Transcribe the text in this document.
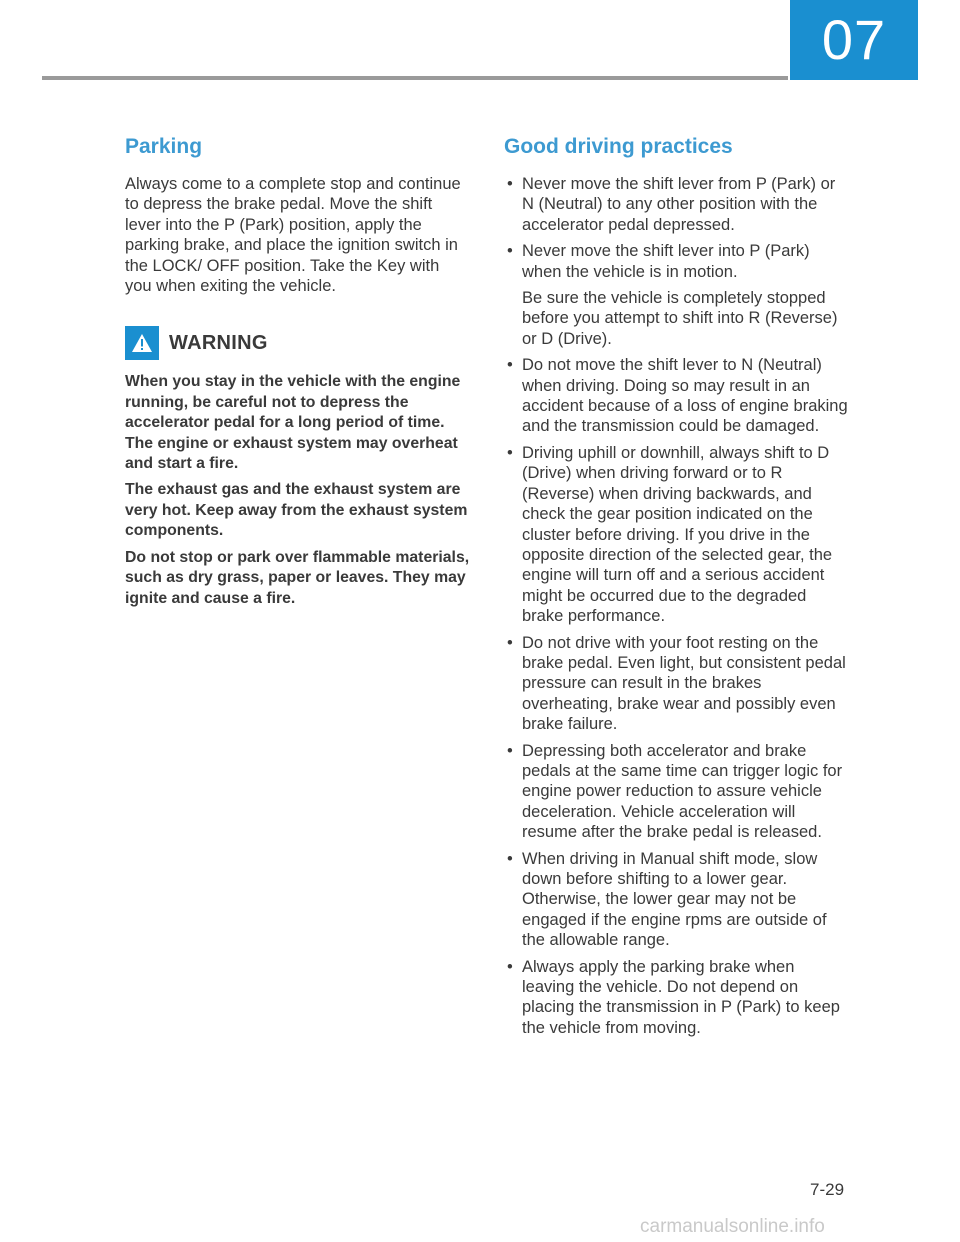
07
Parking

Always come to a complete stop and continue to depress the brake pedal. Move the shift lever into the P (Park) position, apply the parking brake, and place the ignition switch in the LOCK/ OFF position. Take the Key with you when exiting the vehicle.

WARNING

When you stay in the vehicle with the engine running, be careful not to depress the accelerator pedal for a long period of time. The engine or exhaust system may overheat and start a fire.

The exhaust gas and the exhaust system are very hot. Keep away from the exhaust system components.

Do not stop or park over flammable materials, such as dry grass, paper or leaves. They may ignite and cause a fire.

Good driving practices
• Never move the shift lever from P (Park) or N (Neutral) to any other position with the accelerator pedal depressed.
• Never move the shift lever into P (Park) when the vehicle is in motion.
Be sure the vehicle is completely stopped before you attempt to shift into R (Reverse) or D (Drive).
• Do not move the shift lever to N (Neutral) when driving. Doing so may result in an accident because of a loss of engine braking and the transmission could be damaged.
• Driving uphill or downhill, always shift to D (Drive) when driving forward or to R (Reverse) when driving backwards, and check the gear position indicated on the cluster before driving. If you drive in the opposite direction of the selected gear, the engine will turn off and a serious accident might be occurred due to the degraded brake performance.
• Do not drive with your foot resting on the brake pedal. Even light, but consistent pedal pressure can result in the brakes overheating, brake wear and possibly even brake failure.
• Depressing both accelerator and brake pedals at the same time can trigger logic for engine power reduction to assure vehicle deceleration. Vehicle acceleration will resume after the brake pedal is released.
• When driving in Manual shift mode, slow down before shifting to a lower gear. Otherwise, the lower gear may not be engaged if the engine rpms are outside of the allowable range.
• Always apply the parking brake when leaving the vehicle. Do not depend on placing the transmission in P (Park) to keep the vehicle from moving.
7-29
carmanualsonline.info
